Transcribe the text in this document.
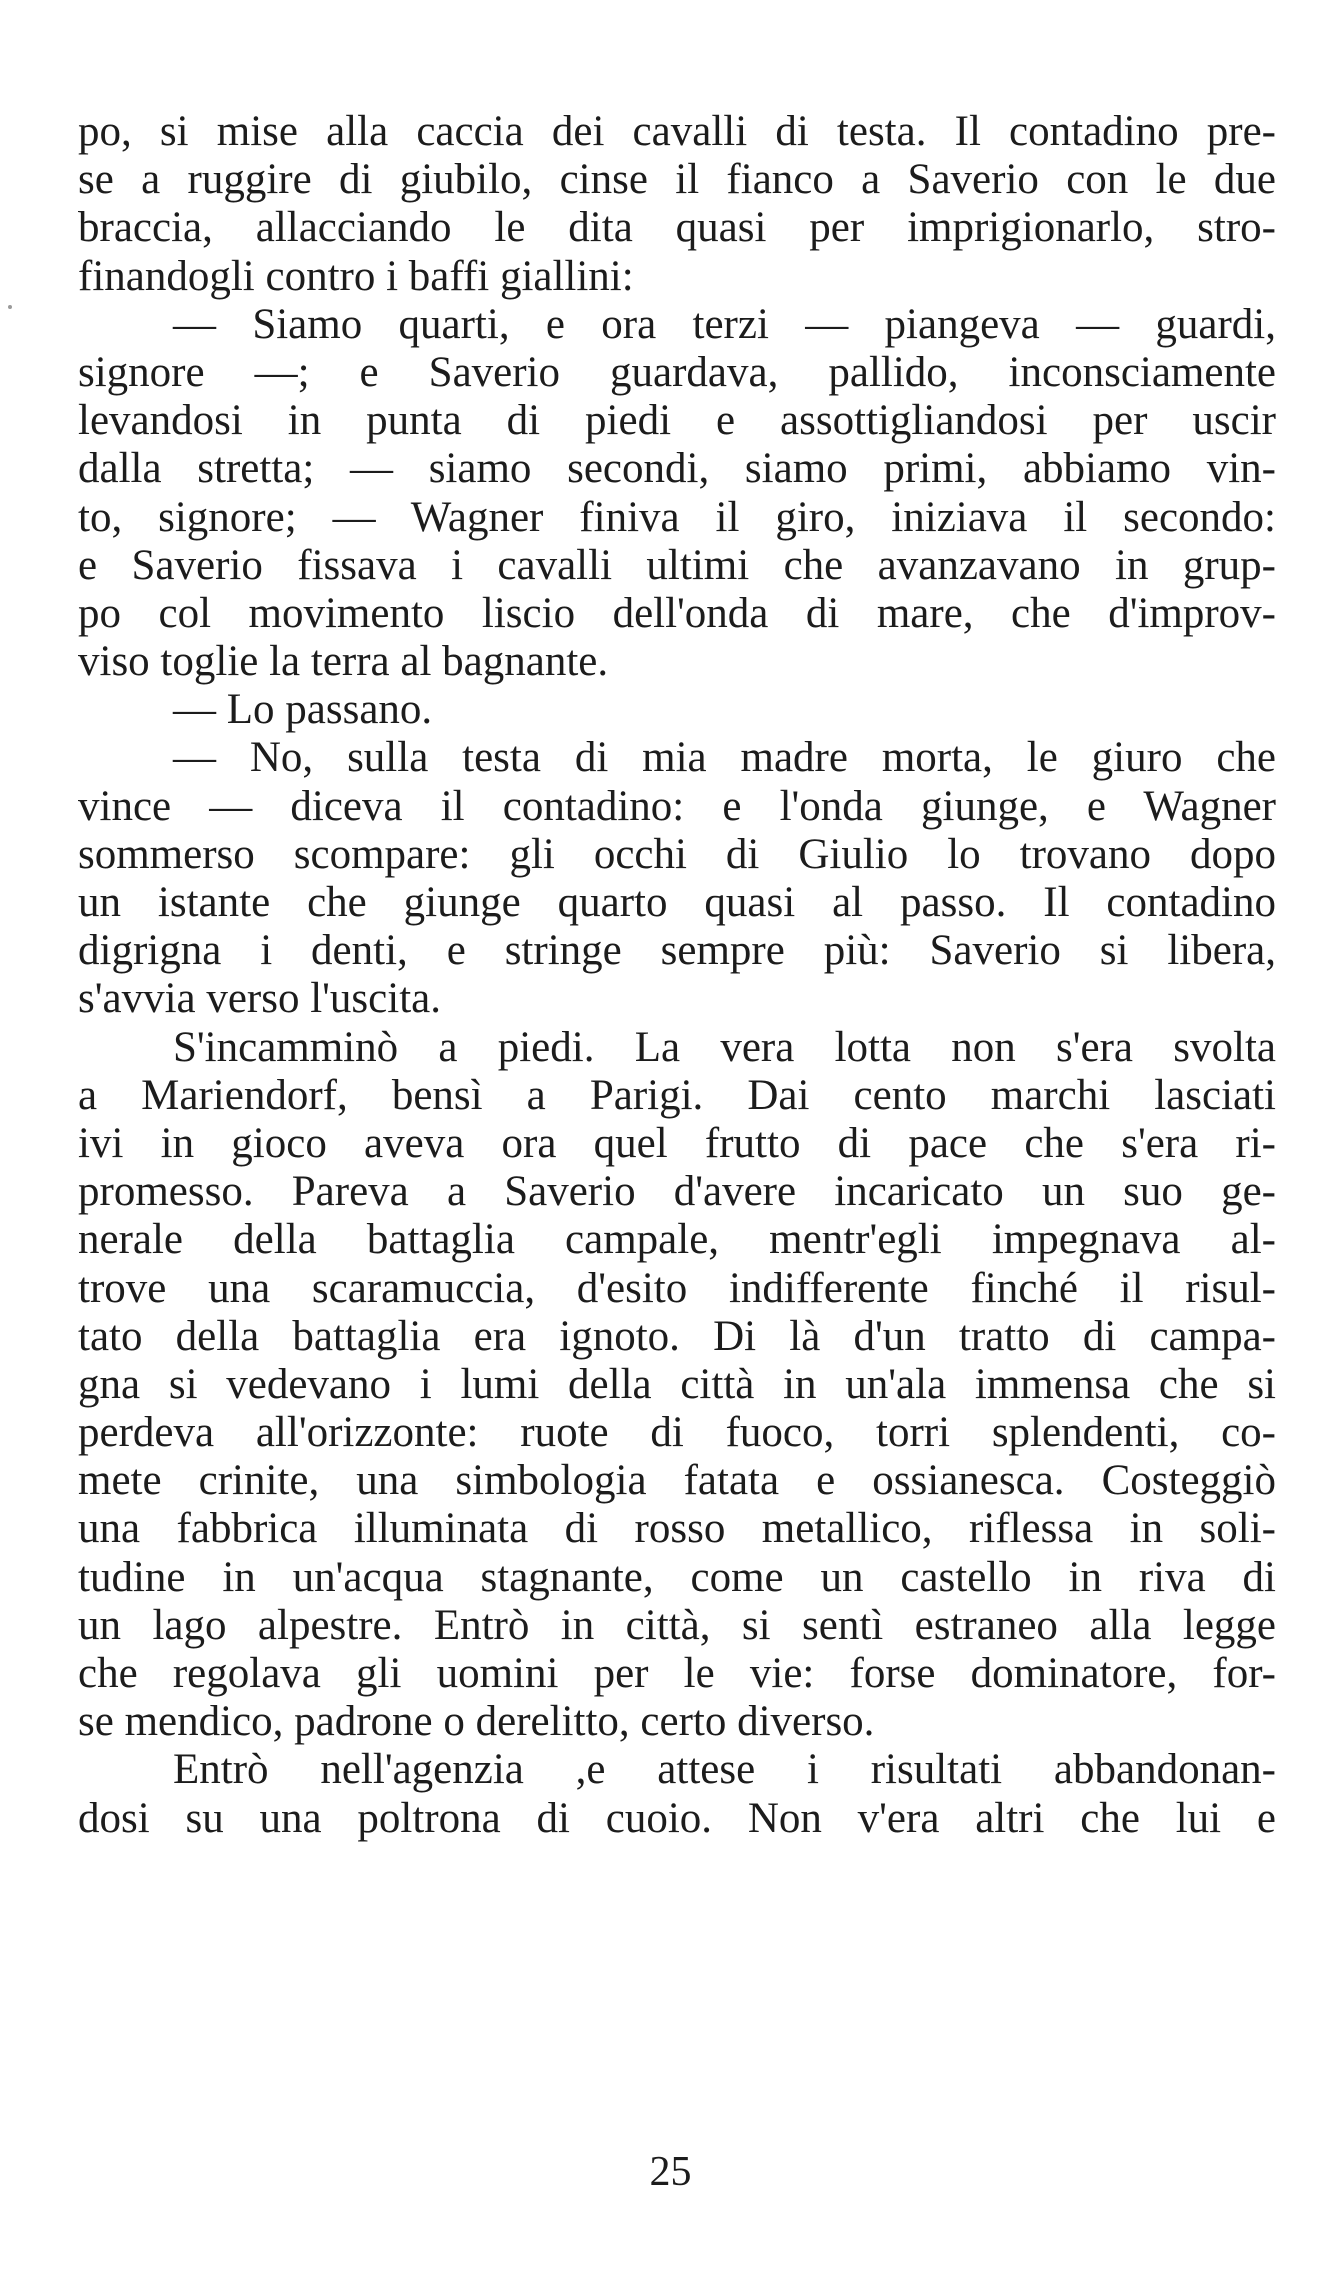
po, si mise alla caccia dei cavalli di testa. Il contadino pre-
se a ruggire di giubilo, cinse il fianco a Saverio con le due
braccia, allacciando le dita quasi per imprigionarlo, stro-
finandogli contro i baffi giallini:
— Siamo quarti, e ora terzi — piangeva — guardi,
signore —; e Saverio guardava, pallido, inconsciamente
levandosi in punta di piedi e assottigliandosi per uscir
dalla stretta; — siamo secondi, siamo primi, abbiamo vin-
to, signore; — Wagner finiva il giro, iniziava il secondo:
e Saverio fissava i cavalli ultimi che avanzavano in grup-
po col movimento liscio dell'onda di mare, che d'improv-
viso toglie la terra al bagnante.
— Lo passano.
— No, sulla testa di mia madre morta, le giuro che
vince — diceva il contadino: e l'onda giunge, e Wagner
sommerso scompare: gli occhi di Giulio lo trovano dopo
un istante che giunge quarto quasi al passo. Il contadino
digrigna i denti, e stringe sempre più: Saverio si libera,
s'avvia verso l'uscita.
S'incamminò a piedi. La vera lotta non s'era svolta
a Mariendorf, bensì a Parigi. Dai cento marchi lasciati
ivi in gioco aveva ora quel frutto di pace che s'era ri-
promesso. Pareva a Saverio d'avere incaricato un suo ge-
nerale della battaglia campale, mentr'egli impegnava al-
trove una scaramuccia, d'esito indifferente finché il risul-
tato della battaglia era ignoto. Di là d'un tratto di campa-
gna si vedevano i lumi della città in un'ala immensa che si
perdeva all'orizzonte: ruote di fuoco, torri splendenti, co-
mete crinite, una simbologia fatata e ossianesca. Costeggiò
una fabbrica illuminata di rosso metallico, riflessa in soli-
tudine in un'acqua stagnante, come un castello in riva di
un lago alpestre. Entrò in città, si sentì estraneo alla legge
che regolava gli uomini per le vie: forse dominatore, for-
se mendico, padrone o derelitto, certo diverso.
Entrò nell'agenzia ,e attese i risultati abbandonan-
dosi su una poltrona di cuoio. Non v'era altri che lui e
25
